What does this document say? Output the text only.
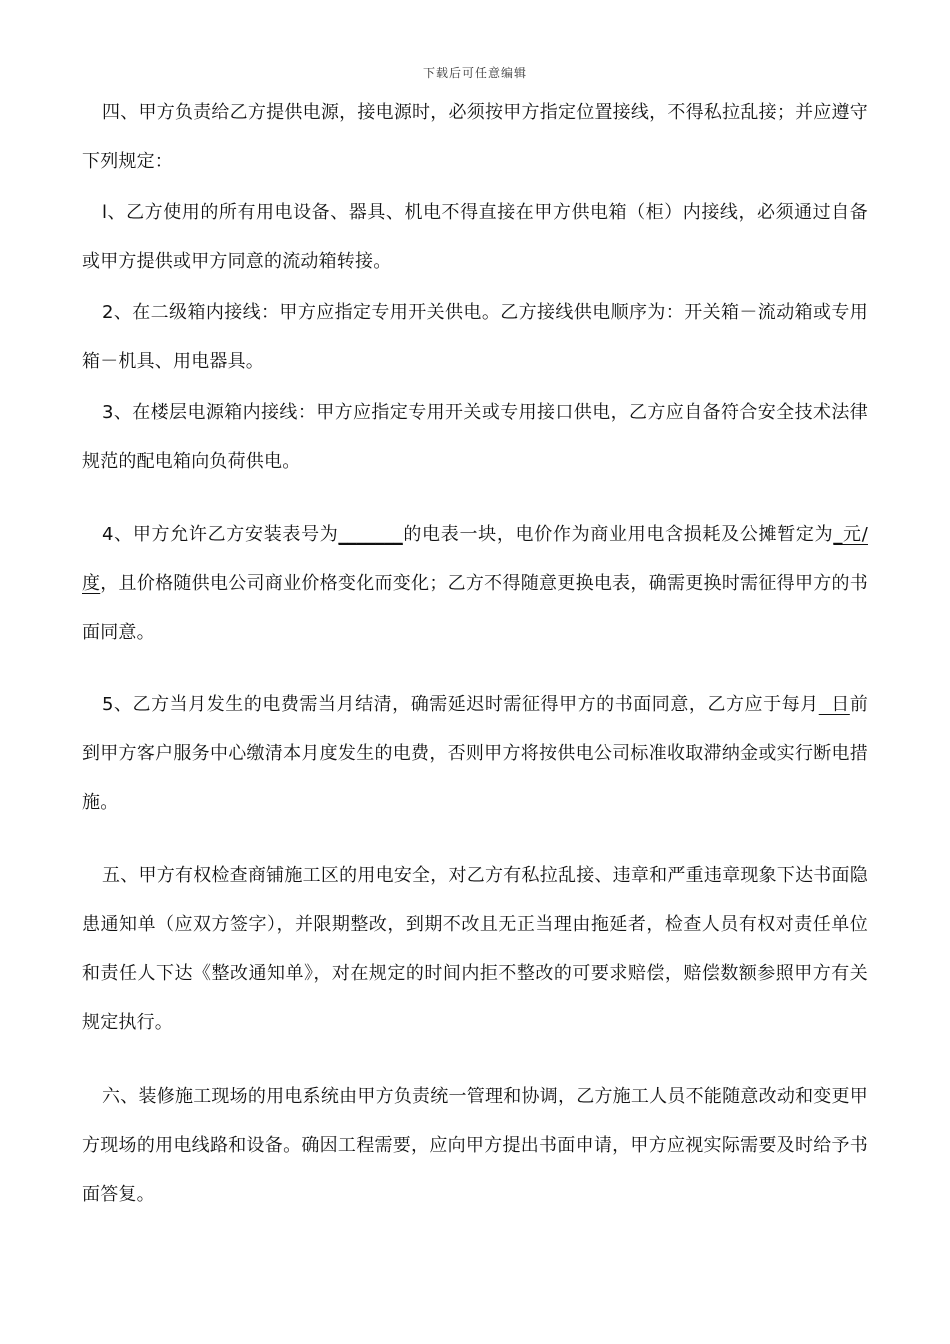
下载后可任意编辑
四、甲方负责给乙方提供电源，接电源时，必须按甲方指定位置接线，不得私拉乱接；并应遵守下列规定：
l、乙方使用的所有用电设备、器具、机电不得直接在甲方供电箱（柜）内接线，必须通过自备或甲方提供或甲方同意的流动箱转接。
2、在二级箱内接线：甲方应指定专用开关供电。乙方接线供电顺序为：开关箱－流动箱或专用箱－机具、用电器具。
3、在楼层电源箱内接线：甲方应指定专用开关或专用接口供电，乙方应自备符合安全技术法律规范的配电箱向负荷供电。
4、甲方允许乙方安装表号为_______的电表一块，电价作为商业用电含损耗及公摊暂定为_元/度，且价格随供电公司商业价格变化而变化；乙方不得随意更换电表，确需更换时需征得甲方的书面同意。
5、乙方当月发生的电费需当月结清，确需延迟时需征得甲方的书面同意，乙方应于每月  日前到甲方客户服务中心缴清本月度发生的电费，否则甲方将按供电公司标准收取滞纳金或实行断电措施。
五、甲方有权检查商铺施工区的用电安全，对乙方有私拉乱接、违章和严重违章现象下达书面隐患通知单（应双方签字），并限期整改，到期不改且无正当理由拖延者，检查人员有权对责任单位和责任人下达《整改通知单》，对在规定的时间内拒不整改的可要求赔偿，赔偿数额参照甲方有关规定执行。
六、装修施工现场的用电系统由甲方负责统一管理和协调，乙方施工人员不能随意改动和变更甲方现场的用电线路和设备。确因工程需要，应向甲方提出书面申请，甲方应视实际需要及时给予书面答复。
